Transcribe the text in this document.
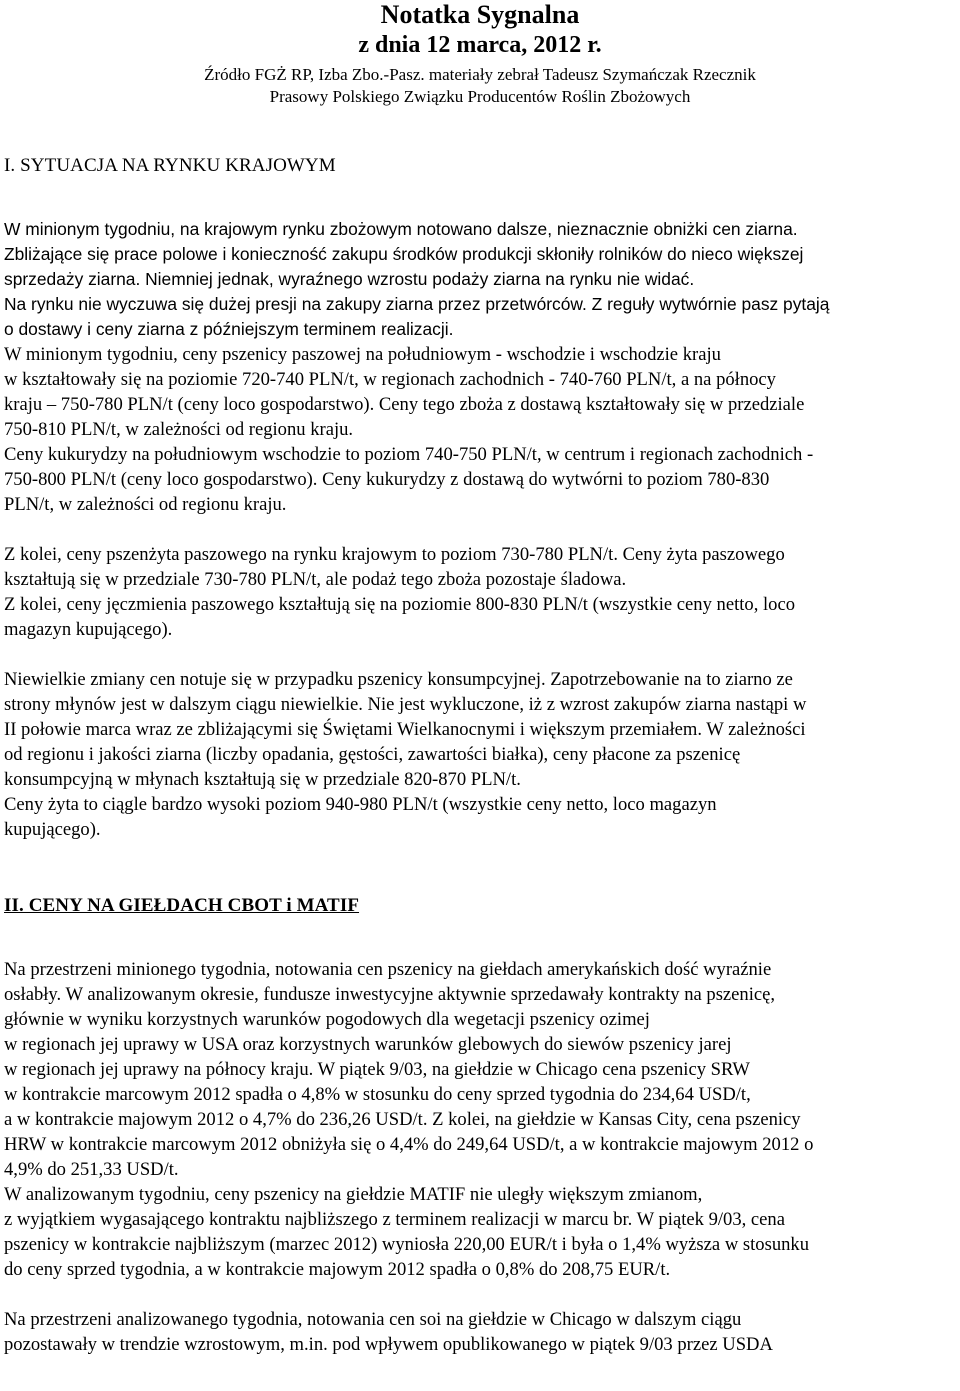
Notatka Sygnalna
z dnia 12 marca, 2012 r.
Źródło FGŻ RP, Izba Zbo.-Pasz. materiały zebrał Tadeusz Szymańczak Rzecznik
Prasowy Polskiego Związku Producentów Roślin Zbożowych
I. SYTUACJA NA RYNKU KRAJOWYM
W minionym tygodniu, na krajowym rynku zbożowym notowano dalsze, nieznacznie obniżki cen ziarna.
Zbliżające się prace polowe i konieczność zakupu środków produkcji skłoniły rolników do nieco większej
sprzedaży ziarna. Niemniej jednak, wyraźnego wzrostu podaży ziarna na rynku nie widać.
Na rynku nie wyczuwa się dużej presji na zakupy ziarna przez przetwórców. Z reguły wytwórnie pasz pytają
o dostawy i ceny ziarna z późniejszym terminem realizacji.
W minionym tygodniu, ceny pszenicy paszowej na południowym - wschodzie i wschodzie kraju
w kształtowały się na poziomie 720-740 PLN/t, w regionach zachodnich - 740-760 PLN/t, a na północy
kraju – 750-780 PLN/t (ceny loco gospodarstwo). Ceny tego zboża z dostawą kształtowały się w przedziale
750-810 PLN/t, w zależności od regionu kraju.
Ceny kukurydzy na południowym wschodzie to poziom 740-750 PLN/t, w centrum i regionach zachodnich -
750-800 PLN/t (ceny loco gospodarstwo). Ceny kukurydzy z dostawą do wytwórni to poziom 780-830
PLN/t, w zależności od regionu kraju.
Z kolei, ceny pszenżyta paszowego na rynku krajowym to poziom 730-780 PLN/t. Ceny żyta paszowego
kształtują się w przedziale 730-780 PLN/t, ale podaż tego zboża pozostaje śladowa.
Z kolei, ceny jęczmienia paszowego kształtują się na poziomie 800-830 PLN/t (wszystkie ceny netto, loco
magazyn kupującego).
Niewielkie zmiany cen notuje się w przypadku pszenicy konsumpcyjnej. Zapotrzebowanie na to ziarno ze
strony młynów jest w dalszym ciągu niewielkie. Nie jest wykluczone, iż z wzrost zakupów ziarna nastąpi w
II połowie marca wraz ze zbliżającymi się Świętami Wielkanocnymi i większym przemiałem. W zależności
od regionu i jakości ziarna (liczby opadania, gęstości, zawartości białka), ceny płacone za pszenicę
konsumpcyjną w młynach kształtują się w przedziale 820-870 PLN/t.
Ceny żyta to ciągle bardzo wysoki poziom 940-980 PLN/t (wszystkie ceny netto, loco magazyn
kupującego).
II. CENY NA GIEŁDACH CBOT i MATIF
Na przestrzeni minionego tygodnia, notowania cen pszenicy na giełdach amerykańskich dość wyraźnie
osłabły. W analizowanym okresie, fundusze inwestycyjne aktywnie sprzedawały kontrakty na pszenicę,
głównie w wyniku korzystnych warunków pogodowych dla wegetacji pszenicy ozimej
w regionach jej uprawy w USA oraz korzystnych warunków glebowych do siewów pszenicy jarej
w regionach jej uprawy na północy kraju. W piątek 9/03, na giełdzie w Chicago cena pszenicy SRW
w kontrakcie marcowym 2012 spadła o 4,8% w stosunku do ceny sprzed tygodnia do 234,64 USD/t,
a w kontrakcie majowym 2012 o 4,7% do 236,26 USD/t. Z kolei, na giełdzie w Kansas City, cena pszenicy
HRW w kontrakcie marcowym 2012 obniżyła się o 4,4% do 249,64 USD/t, a w kontrakcie majowym 2012 o
4,9% do 251,33 USD/t.
W analizowanym tygodniu, ceny pszenicy na giełdzie MATIF nie uległy większym zmianom,
z wyjątkiem wygasającego kontraktu najbliższego z terminem realizacji w marcu br. W piątek 9/03, cena
pszenicy w kontrakcie najbliższym (marzec 2012) wyniosła 220,00 EUR/t i była o 1,4% wyższa w stosunku
do ceny sprzed tygodnia, a w kontrakcie majowym 2012 spadła o 0,8% do 208,75 EUR/t.
Na przestrzeni analizowanego tygodnia, notowania cen soi na giełdzie w Chicago w dalszym ciągu
pozostawały w trendzie wzrostowym, m.in. pod wpływem opublikowanego w piątek 9/03 przez USDA
